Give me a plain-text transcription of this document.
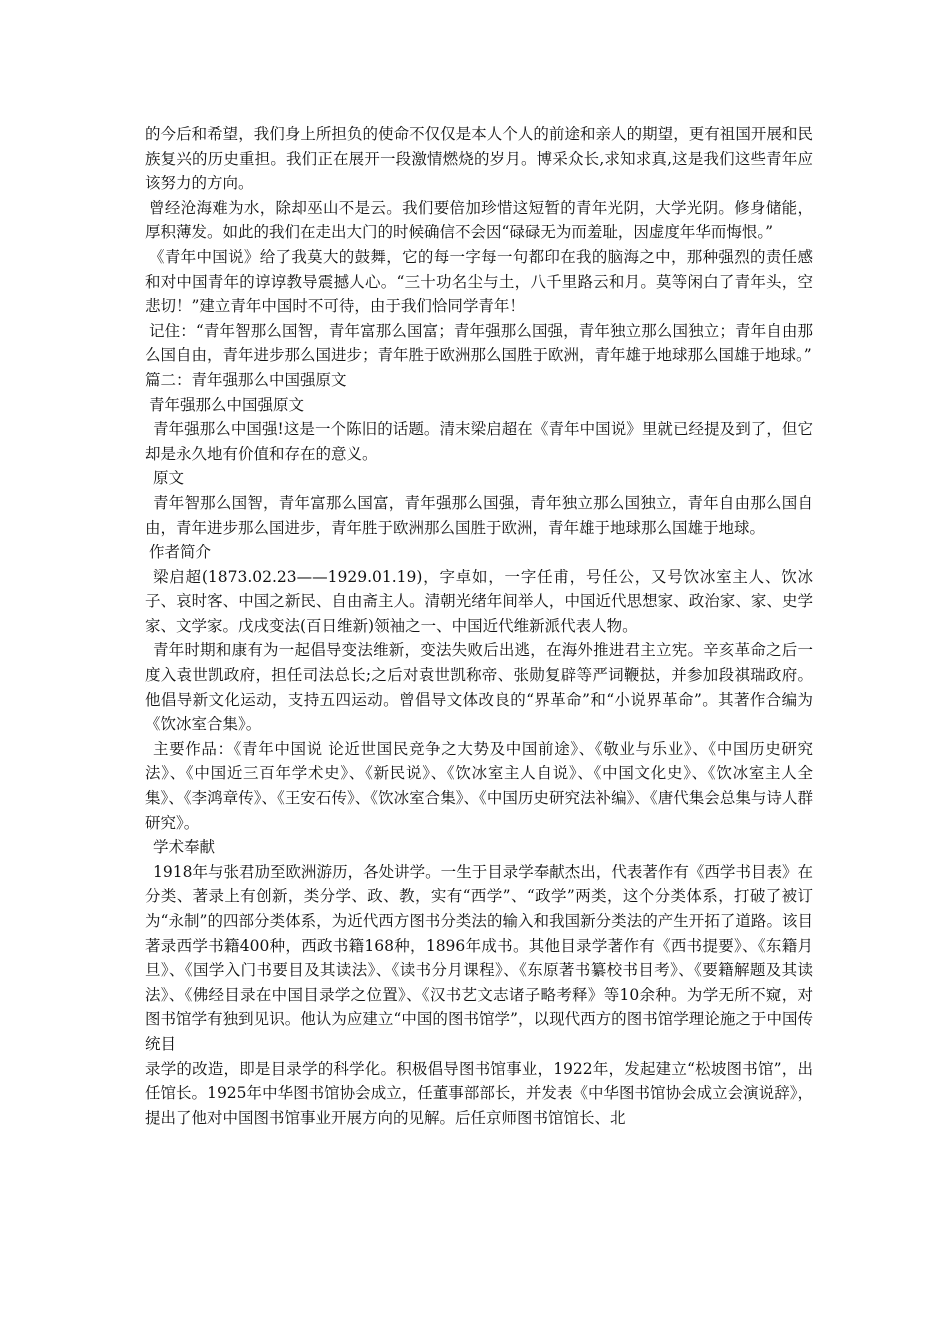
的今后和希望，我们身上所担负的使命不仅仅是本人个人的前途和亲人的期望，更有祖国开展和民族复兴的历史重担。我们正在展开一段激情燃烧的岁月。博采众长,求知求真,这是我们这些青年应该努力的方向。

曾经沧海难为水，除却巫山不是云。我们要倍加珍惜这短暂的青年光阴，大学光阴。修身储能，厚积薄发。如此的我们在走出大门的时候确信不会因“碌碌无为而羞耻，因虚度年华而悔恨。”

《青年中国说》给了我莫大的鼓舞，它的每一字每一句都印在我的脑海之中，那种强烈的责任感和对中国青年的谆谆教导震撼人心。“三十功名尘与土，八千里路云和月。莫等闲白了青年头，空悲切！”建立青年中国时不可待，由于我们恰同学青年！

记住：“青年智那么国智，青年富那么国富；青年强那么国强，青年独立那么国独立；青年自由那么国自由，青年进步那么国进步；青年胜于欧洲那么国胜于欧洲，青年雄于地球那么国雄于地球。”

篇二：青年强那么中国强原文

青年强那么中国强原文

青年强那么中国强!这是一个陈旧的话题。清末梁启超在《青年中国说》里就已经提及到了，但它却是永久地有价值和存在的意义。

原文

青年智那么国智，青年富那么国富，青年强那么国强，青年独立那么国独立，青年自由那么国自由，青年进步那么国进步，青年胜于欧洲那么国胜于欧洲，青年雄于地球那么国雄于地球。

作者简介

梁启超(1873.02.23——1929.01.19)，字卓如，一字任甫，号任公，又号饮冰室主人、饮冰子、哀时客、中国之新民、自由斋主人。清朝光绪年间举人，中国近代思想家、政治家、家、史学家、文学家。戊戌变法(百日维新)领袖之一、中国近代维新派代表人物。

青年时期和康有为一起倡导变法维新，变法失败后出逃，在海外推进君主立宪。辛亥革命之后一度入袁世凯政府，担任司法总长;之后对袁世凯称帝、张勋复辟等严词鞭挞，并参加段祺瑞政府。他倡导新文化运动，支持五四运动。曾倡导文体改良的“界革命”和“小说界革命”。其著作合编为《饮冰室合集》。

主要作品：《青年中国说 论近世国民竞争之大势及中国前途》、《敬业与乐业》、《中国历史研究法》、《中国近三百年学术史》、《新民说》、《饮冰室主人自说》、《中国文化史》、《饮冰室主人全集》、《李鸿章传》、《王安石传》、《饮冰室合集》、《中国历史研究法补编》、《唐代集会总集与诗人群研究》。

学术奉献

1918年与张君劢至欧洲游历，各处讲学。一生于目录学奉献杰出，代表著作有《西学书目表》在分类、著录上有创新，类分学、政、教，实有“西学”、“政学”两类，这个分类体系，打破了被订为“永制”的四部分类体系，为近代西方图书分类法的输入和我国新分类法的产生开拓了道路。该目著录西学书籍400种，西政书籍168种，1896年成书。其他目录学著作有《西书提要》、《东籍月旦》、《国学入门书要目及其读法》、《读书分月课程》、《东原著书纂校书目考》、《要籍解题及其读法》、《佛经目录在中国目录学之位置》、《汉书艺文志诸子略考释》等10余种。为学无所不窥，对图书馆学有独到见识。他认为应建立“中国的图书馆学”，以现代西方的图书馆学理论施之于中国传统目

录学的改造，即是目录学的科学化。积极倡导图书馆事业，1922年，发起建立“松坡图书馆”，出任馆长。1925年中华图书馆协会成立，任董事部部长，并发表《中华图书馆协会成立会演说辞》，提出了他对中国图书馆事业开展方向的见解。后任京师图书馆馆长、北
